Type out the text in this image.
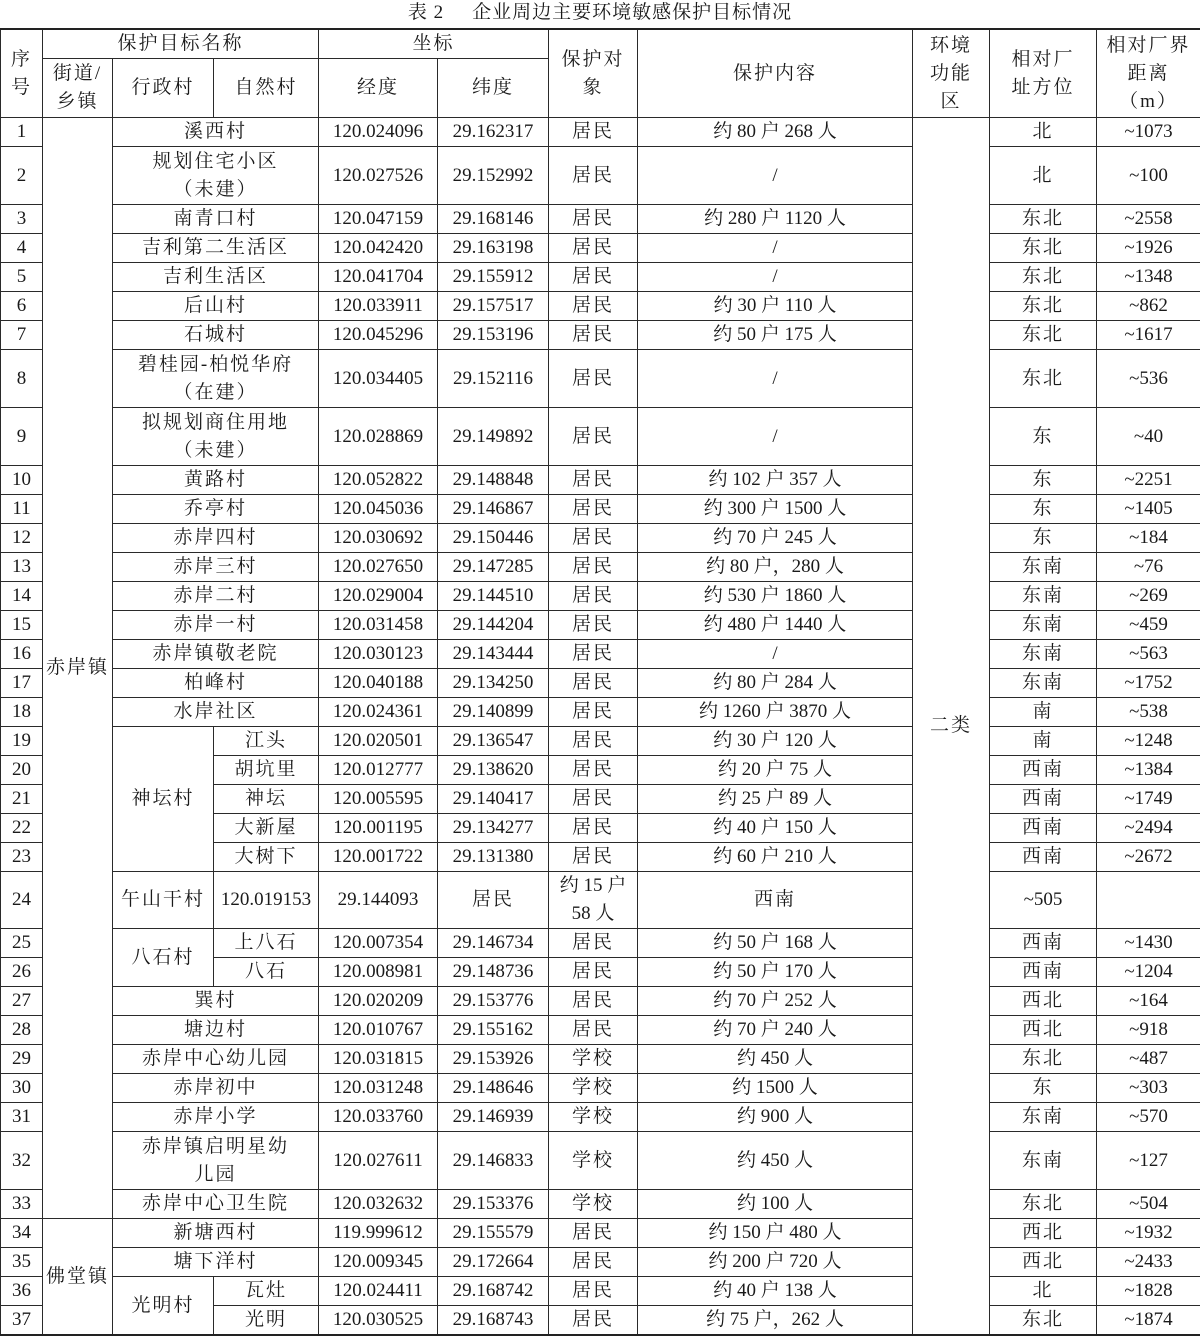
表 2 企业周边主要环境敏感保护目标情况
序号	保护目标名称			坐标		保护对象	保护内容	环境功能区	相对厂址方位	相对厂界距离（m）
	街道/乡镇	行政村	自然村	经度	纬度					
1	赤岸镇	溪西村		120.024096	29.162317	居民	约 80 户 268 人	二类	北	~1073
2		规划住宅小区（未建）		120.027526	29.152992	居民	/		北	~100
3		南青口村		120.047159	29.168146	居民	约 280 户 1120 人		东北	~2558
4		吉利第二生活区		120.042420	29.163198	居民	/		东北	~1926
5		吉利生活区		120.041704	29.155912	居民	/		东北	~1348
6		后山村		120.033911	29.157517	居民	约 30 户 110 人		东北	~862
7		石城村		120.045296	29.153196	居民	约 50 户 175 人		东北	~1617
8		碧桂园-柏悦华府（在建）		120.034405	29.152116	居民	/		东北	~536
9		拟规划商住用地（未建）		120.028869	29.149892	居民	/		东	~40
10		黄路村		120.052822	29.148848	居民	约 102 户 357 人		东	~2251
11		乔亭村		120.045036	29.146867	居民	约 300 户 1500 人		东	~1405
12		赤岸四村		120.030692	29.150446	居民	约 70 户 245 人		东	~184
13		赤岸三村		120.027650	29.147285	居民	约 80 户，280 人		东南	~76
14		赤岸二村		120.029004	29.144510	居民	约 530 户 1860 人		东南	~269
15		赤岸一村		120.031458	29.144204	居民	约 480 户 1440 人		东南	~459
16		赤岸镇敬老院		120.030123	29.143444	居民	/		东南	~563
17		柏峰村		120.040188	29.134250	居民	约 80 户 284 人		东南	~1752
18		水岸社区		120.024361	29.140899	居民	约 1260 户 3870 人		南	~538
19		神坛村	江头	120.020501	29.136547	居民	约 30 户 120 人		南	~1248
20			胡坑里	120.012777	29.138620	居民	约 20 户 75 人		西南	~1384
21			神坛	120.005595	29.140417	居民	约 25 户 89 人		西南	~1749
22			大新屋	120.001195	29.134277	居民	约 40 户 150 人		西南	~2494
23			大树下	120.001722	29.131380	居民	约 60 户 210 人		西南	~2672
24		午山干村	120.019153	29.144093	居民	约 15 户 58 人	西南		~505	
25		八石村	上八石	120.007354	29.146734	居民	约 50 户 168 人		西南	~1430
26			八石	120.008981	29.148736	居民	约 50 户 170 人		西南	~1204
27		巽村		120.020209	29.153776	居民	约 70 户 252 人		西北	~164
28		塘边村		120.010767	29.155162	居民	约 70 户 240 人		西北	~918
29		赤岸中心幼儿园		120.031815	29.153926	学校	约 450 人		东北	~487
30		赤岸初中		120.031248	29.148646	学校	约 1500 人		东	~303
31		赤岸小学		120.033760	29.146939	学校	约 900 人		东南	~570
32		赤岸镇启明星幼儿园		120.027611	29.146833	学校	约 450 人		东南	~127
33		赤岸中心卫生院		120.032632	29.153376	学校	约 100 人		东北	~504
34	佛堂镇	新塘西村		119.999612	29.155579	居民	约 150 户 480 人		西北	~1932
35		塘下洋村		120.009345	29.172664	居民	约 200 户 720 人		西北	~2433
36		光明村	瓦灶	120.024411	29.168742	居民	约 40 户 138 人		北	~1828
37			光明	120.030525	29.168743	居民	约 75 户，262 人		东北	~1874
